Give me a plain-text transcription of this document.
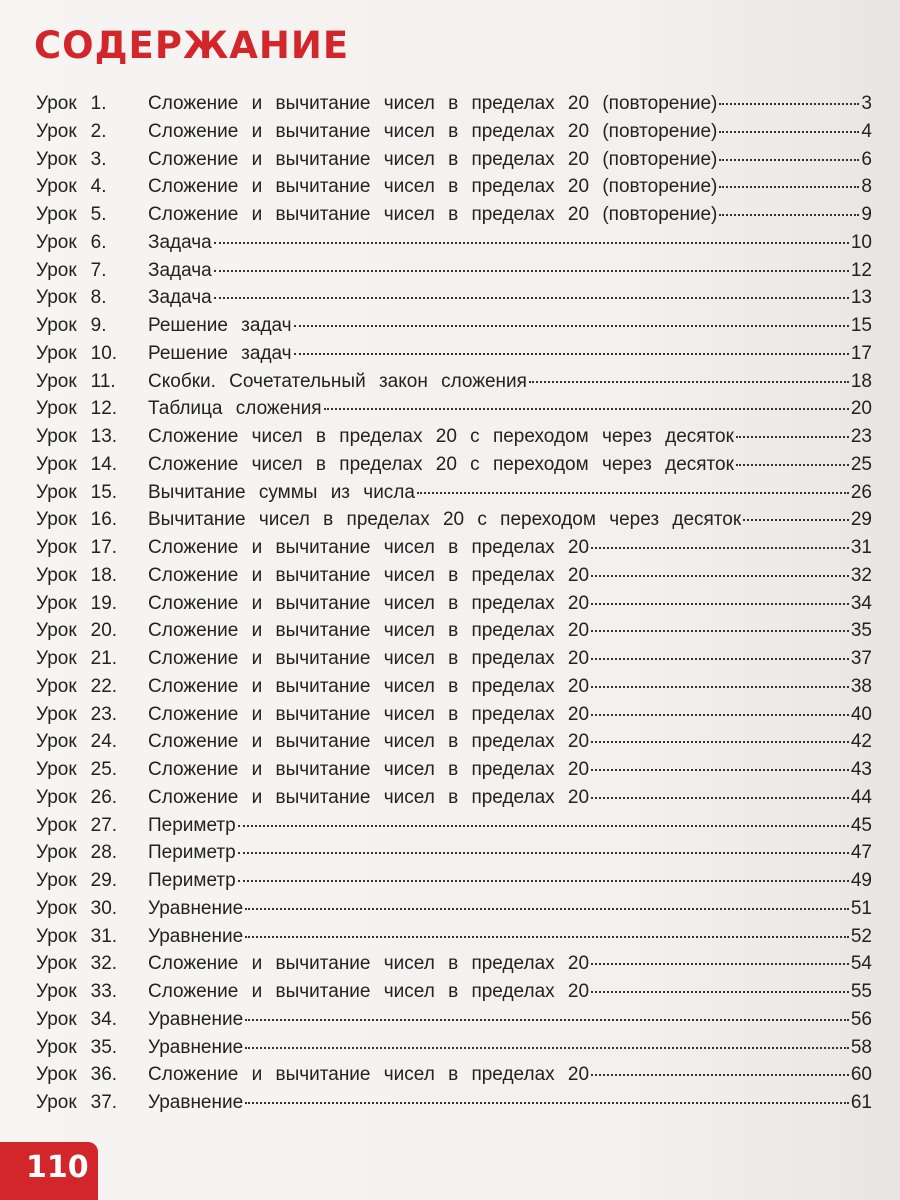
СОДЕРЖАНИЕ
Урок 1.	Сложение и вычитание чисел в пределах 20 (повторение)	3
Урок 2.	Сложение и вычитание чисел в пределах 20 (повторение)	4
Урок 3.	Сложение и вычитание чисел в пределах 20 (повторение)	6
Урок 4.	Сложение и вычитание чисел в пределах 20 (повторение)	8
Урок 5.	Сложение и вычитание чисел в пределах 20 (повторение)	9
Урок 6.	Задача	10
Урок 7.	Задача	12
Урок 8.	Задача	13
Урок 9.	Решение задач	15
Урок 10.	Решение задач	17
Урок 11.	Скобки. Сочетательный закон сложения	18
Урок 12.	Таблица сложения	20
Урок 13.	Сложение чисел в пределах 20 с переходом через десяток	23
Урок 14.	Сложение чисел в пределах 20 с переходом через десяток	25
Урок 15.	Вычитание суммы из числа	26
Урок 16.	Вычитание чисел в пределах 20 с переходом через десяток	29
Урок 17.	Сложение и вычитание чисел в пределах 20	31
Урок 18.	Сложение и вычитание чисел в пределах 20	32
Урок 19.	Сложение и вычитание чисел в пределах 20	34
Урок 20.	Сложение и вычитание чисел в пределах 20	35
Урок 21.	Сложение и вычитание чисел в пределах 20	37
Урок 22.	Сложение и вычитание чисел в пределах 20	38
Урок 23.	Сложение и вычитание чисел в пределах 20	40
Урок 24.	Сложение и вычитание чисел в пределах 20	42
Урок 25.	Сложение и вычитание чисел в пределах 20	43
Урок 26.	Сложение и вычитание чисел в пределах 20	44
Урок 27.	Периметр	45
Урок 28.	Периметр	47
Урок 29.	Периметр	49
Урок 30.	Уравнение	51
Урок 31.	Уравнение	52
Урок 32.	Сложение и вычитание чисел в пределах 20	54
Урок 33.	Сложение и вычитание чисел в пределах 20	55
Урок 34.	Уравнение	56
Урок 35.	Уравнение	58
Урок 36.	Сложение и вычитание чисел в пределах 20	60
Урок 37.	Уравнение	61
110
